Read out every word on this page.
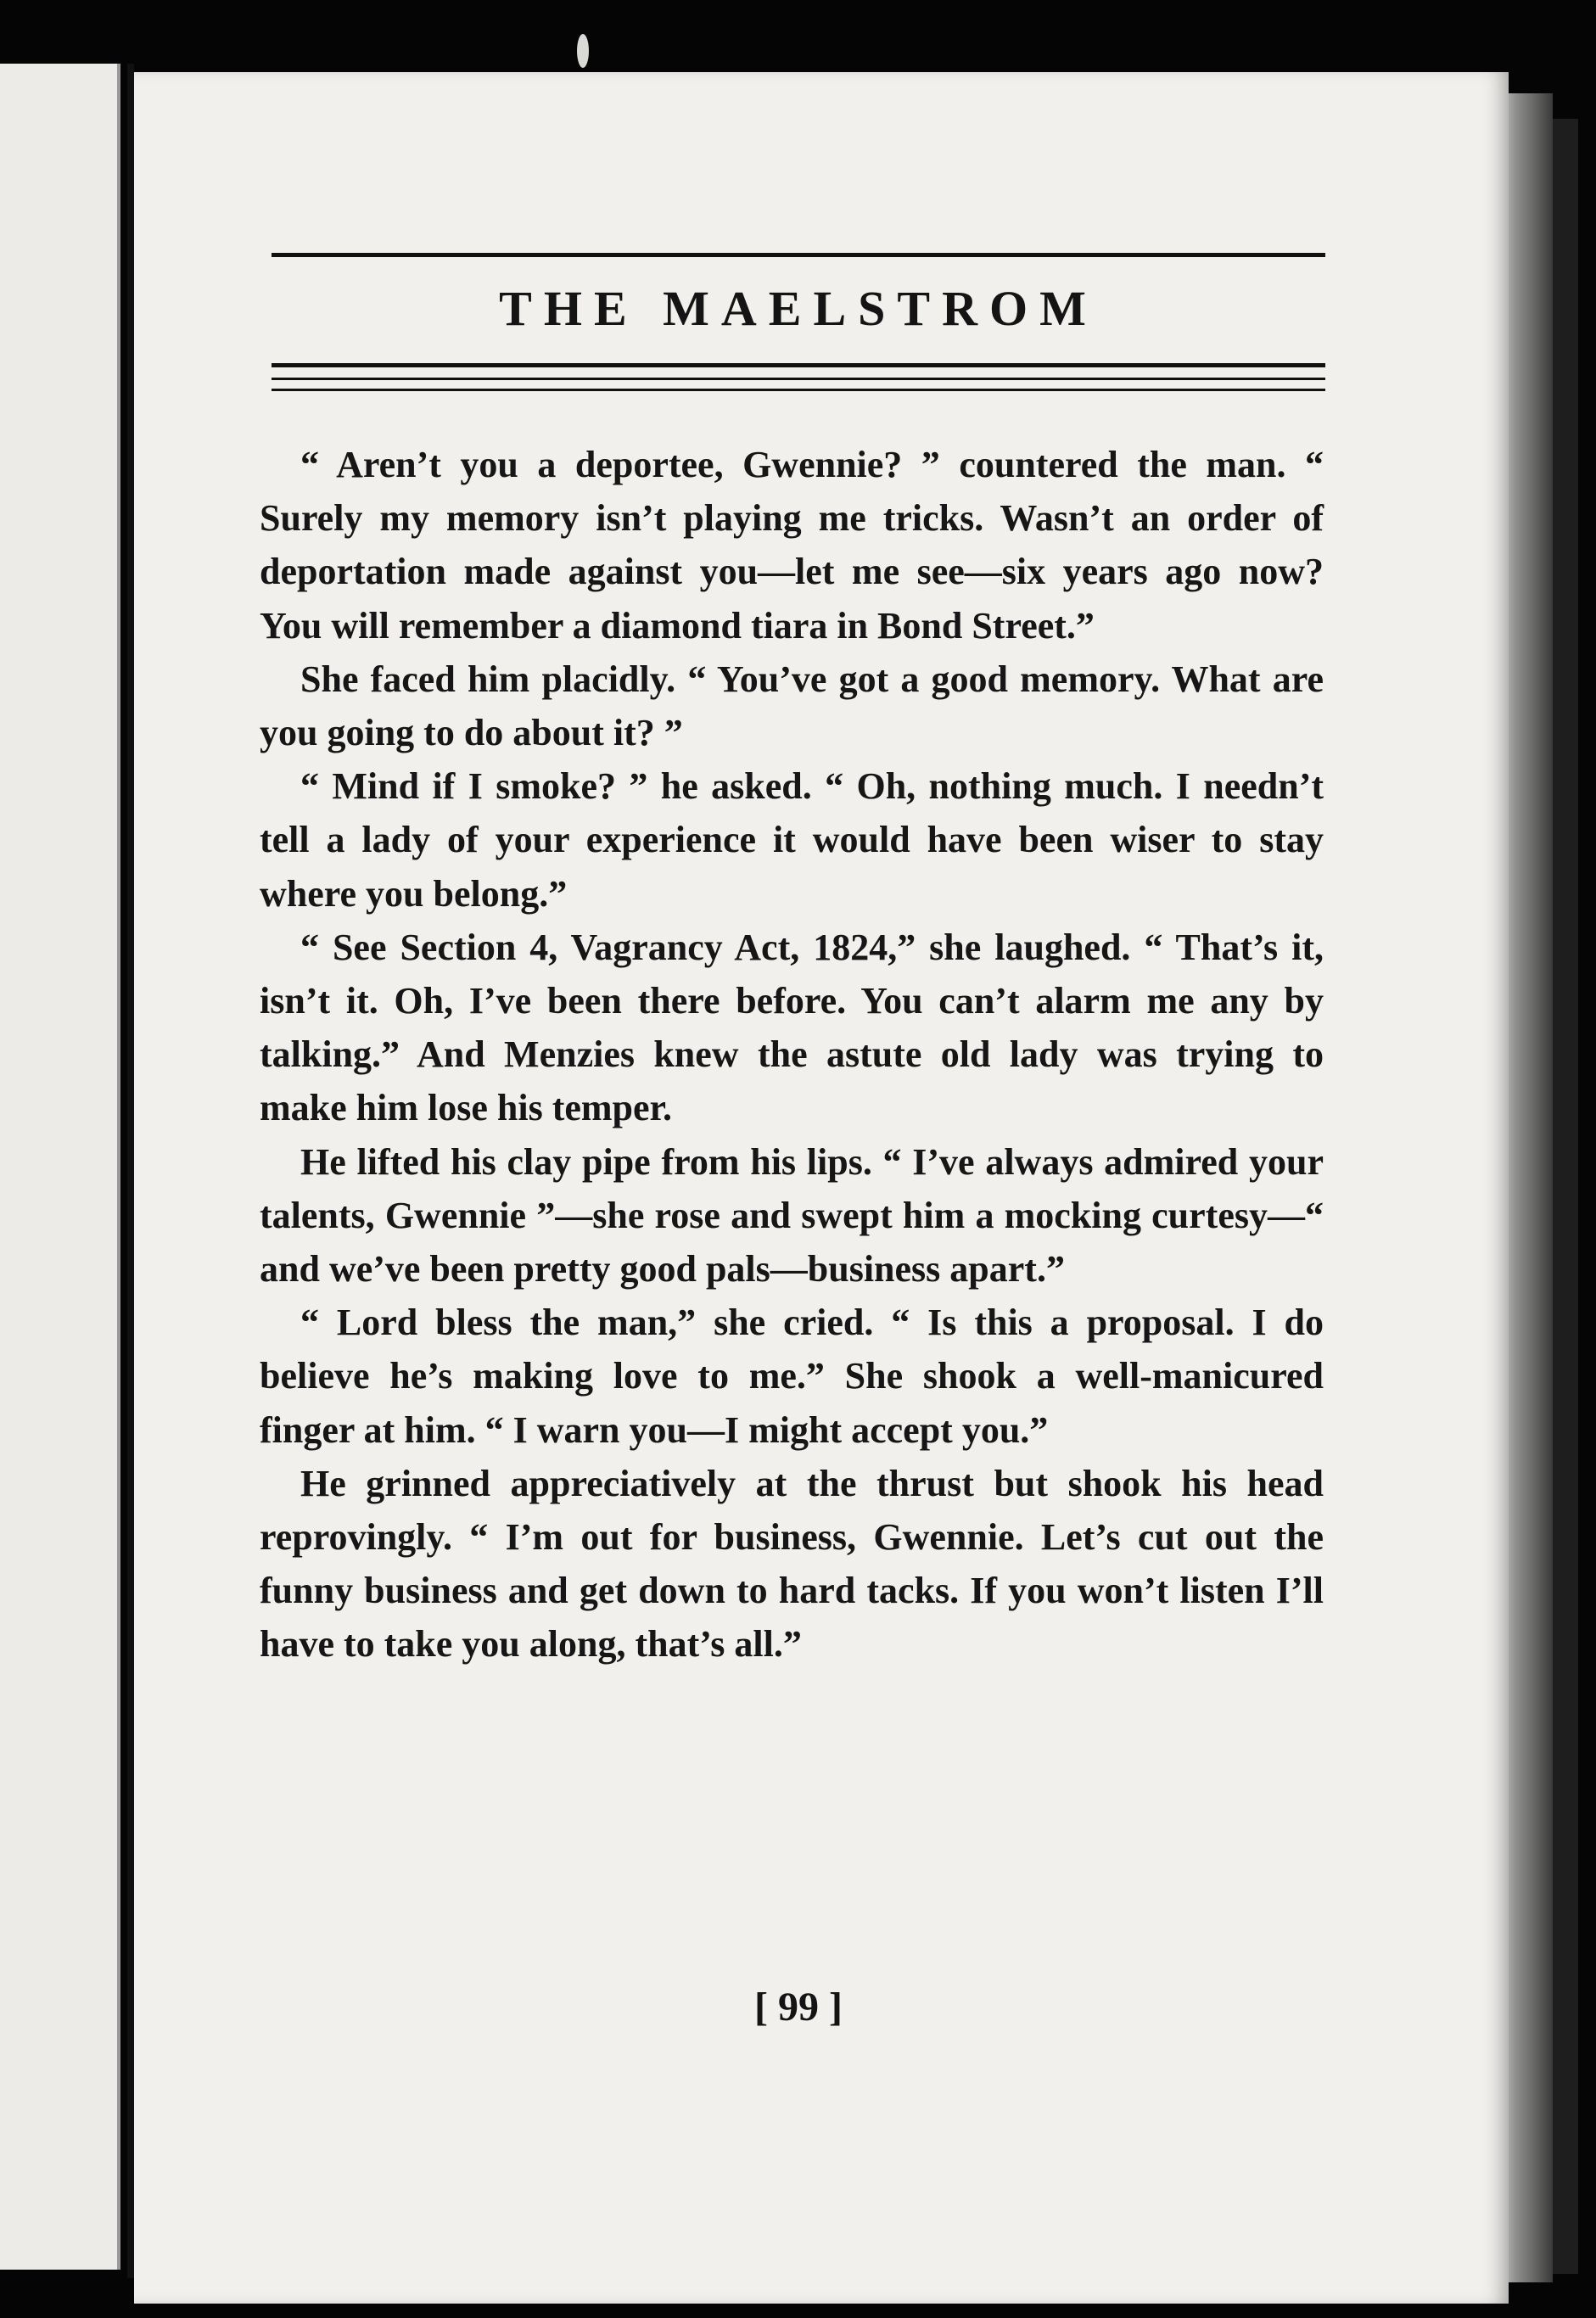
THE MAELSTROM

“ Aren’t you a deportee, Gwennie? ” countered the man. “ Surely my memory isn’t playing me tricks. Wasn’t an order of deportation made against you—let me see—six years ago now? You will remember a diamond tiara in Bond Street.”

She faced him placidly. “ You’ve got a good memory. What are you going to do about it? ”

“ Mind if I smoke? ” he asked. “ Oh, nothing much. I needn’t tell a lady of your experience it would have been wiser to stay where you belong.”

“ See Section 4, Vagrancy Act, 1824,” she laughed. “ That’s it, isn’t it. Oh, I’ve been there before. You can’t alarm me any by talking.” And Menzies knew the astute old lady was trying to make him lose his temper.

He lifted his clay pipe from his lips. “ I’ve always admired your talents, Gwennie ”—she rose and swept him a mocking curtesy—“ and we’ve been pretty good pals—business apart.”

“ Lord bless the man,” she cried. “ Is this a proposal. I do believe he’s making love to me.” She shook a well-manicured finger at him. “ I warn you—I might accept you.”

He grinned appreciatively at the thrust but shook his head reprovingly. “ I’m out for business, Gwennie. Let’s cut out the funny business and get down to hard tacks. If you won’t listen I’ll have to take you along, that’s all.”

[ 99 ]
